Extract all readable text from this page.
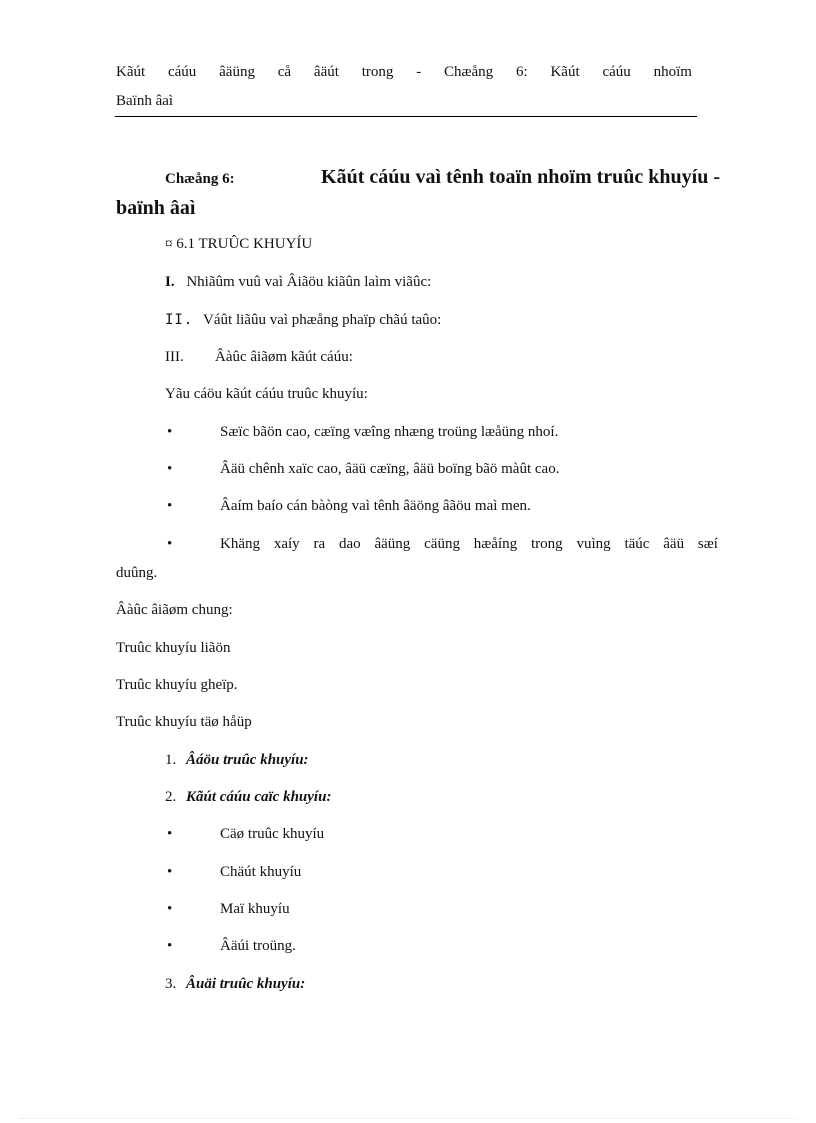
Kãút cáúu âäüng cå âäút trong - Chæång 6: Kãút cáúu nhoïm
Baïnh âaì
Chæång 6:	Kãút cáúu vaì tênh toaïn nhoïm truûc khuyíu -
baïnh âaì
¤ 6.1 TRUÛC KHUYÍU
I. Nhiãûm vuû vaì Âiãöu kiãûn laìm viãûc:
II. Váût liãûu vaì phæång phaïp chãú taûo:
III. Âàûc âiãøm kãút cáúu:
Yãu cáöu kãút cáúu truûc khuyíu:
•	Sæïc bãön cao, cæïng væîng nhæng troüng læåüng nhoí.
•	Âäü chênh xaïc cao, âäü cæïng, âäü boïng bãö màût cao.
•	Âaím baío cán bàòng vaì tênh âäöng âãöu maì men.
•	Khäng xaíy ra dao âäüng cäüng hæåíng trong vuìng täúc âäü sæí
duûng.
Âàûc âiãøm chung:
Truûc khuyíu liãön
Truûc khuyíu gheïp.
Truûc khuyíu täø håüp
1. Âáöu truûc khuyíu:
2. Kãút cáúu caïc khuyíu:
•	Cäø truûc khuyíu
•	Chäút khuyíu
•	Maï khuyíu
•	Âäúi troüng.
3. Âuäi truûc khuyíu:
